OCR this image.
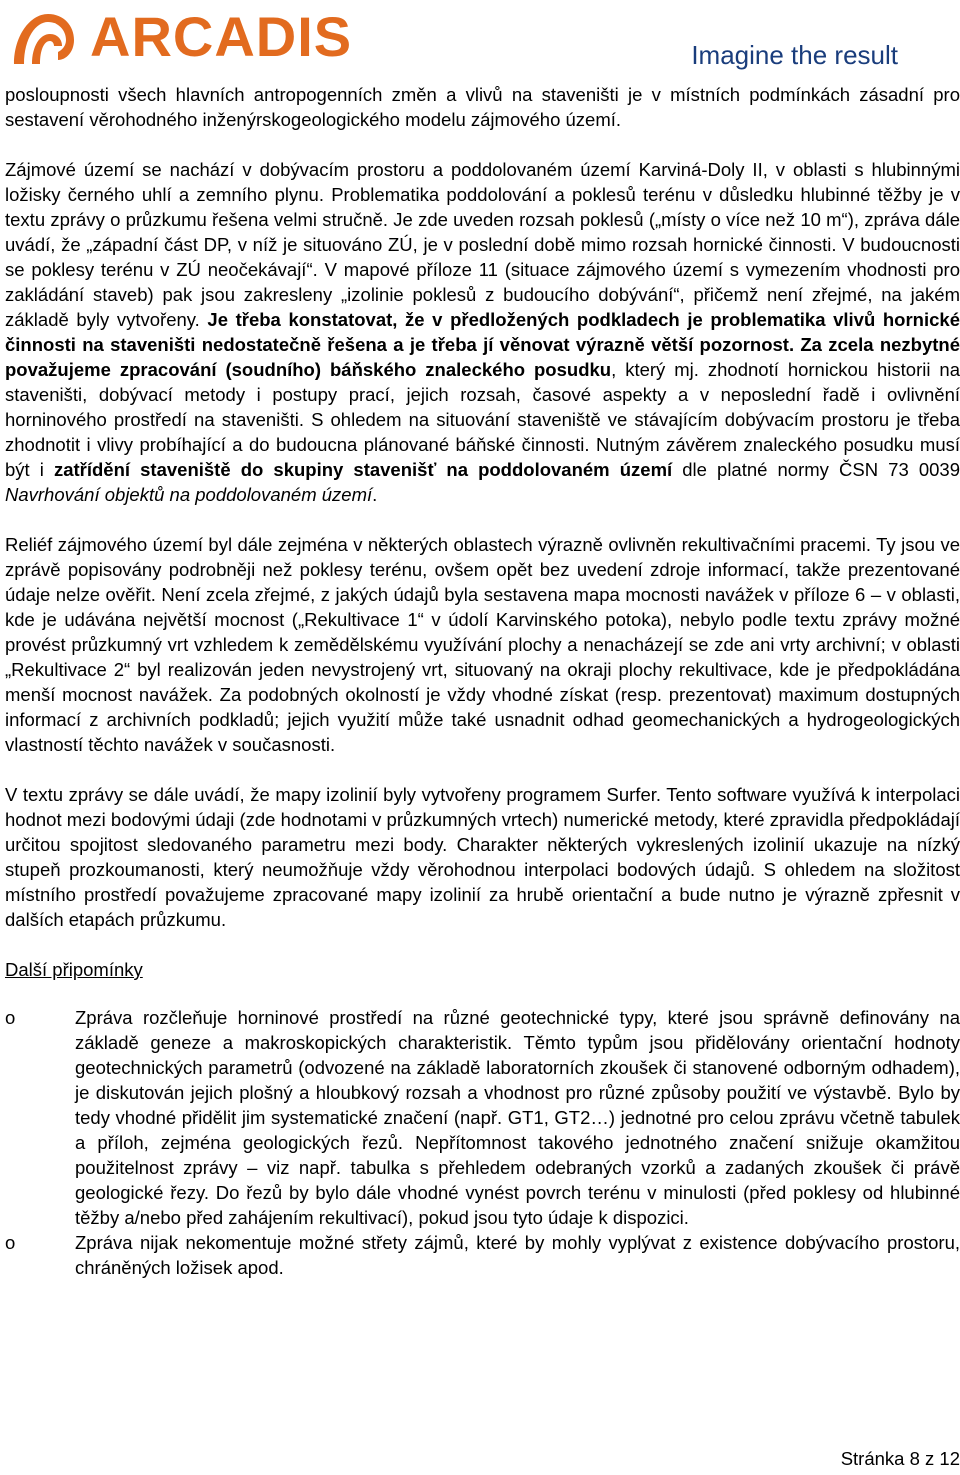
ARCADIS	Imagine the result

posloupnosti všech hlavních antropogenních změn a vlivů na staveništi je v místních podmínkách zásadní pro sestavení věrohodného inženýrskogeologického modelu zájmového území.

Zájmové území se nachází v dobývacím prostoru a poddolovaném území Karviná-Doly II, v oblasti s hlubinnými ložisky černého uhlí a zemního plynu. Problematika poddolování a poklesů terénu v důsledku hlubinné těžby je v textu zprávy o průzkumu řešena velmi stručně. Je zde uveden rozsah poklesů („místy o více než 10 m“), zpráva dále uvádí, že „západní část DP, v níž je situováno ZÚ, je v poslední době mimo rozsah hornické činnosti. V budoucnosti se poklesy terénu v ZÚ neočekávají“. V mapové příloze 11 (situace zájmového území s vymezením vhodnosti pro zakládání staveb) pak jsou zakresleny „izolinie poklesů z budoucího dobývání“, přičemž není zřejmé, na jakém základě byly vytvořeny. Je třeba konstatovat, že v předložených podkladech je problematika vlivů hornické činnosti na staveništi nedostatečně řešena a je třeba jí věnovat výrazně větší pozornost. Za zcela nezbytné považujeme zpracování (soudního) báňského znaleckého posudku, který mj. zhodnotí hornickou historii na staveništi, dobývací metody i postupy prací, jejich rozsah, časové aspekty a v neposlední řadě i ovlivnění horninového prostředí na staveništi. S ohledem na situování staveniště ve stávajícím dobývacím prostoru je třeba zhodnotit i vlivy probíhající a do budoucna plánované báňské činnosti. Nutným závěrem znaleckého posudku musí být i zatřídění staveniště do skupiny stavenišť na poddolovaném území dle platné normy ČSN 73 0039 Navrhování objektů na poddolovaném území.

Reliéf zájmového území byl dále zejména v některých oblastech výrazně ovlivněn rekultivačními pracemi. Ty jsou ve zprávě popisovány podrobněji než poklesy terénu, ovšem opět bez uvedení zdroje informací, takže prezentované údaje nelze ověřit. Není zcela zřejmé, z jakých údajů byla sestavena mapa mocnosti navážek v příloze 6 – v oblasti, kde je udávána největší mocnost („Rekultivace 1“ v údolí Karvinského potoka), nebylo podle textu zprávy možné provést průzkumný vrt vzhledem k zemědělskému využívání plochy a nenacházejí se zde ani vrty archivní; v oblasti „Rekultivace 2“ byl realizován jeden nevystrojený vrt, situovaný na okraji plochy rekultivace, kde je předpokládána menší mocnost navážek. Za podobných okolností je vždy vhodné získat (resp. prezentovat) maximum dostupných informací z archivních podkladů; jejich využití může také usnadnit odhad geomechanických a hydrogeologických vlastností těchto navážek v současnosti.

V textu zprávy se dále uvádí, že mapy izolinií byly vytvořeny programem Surfer. Tento software využívá k interpolaci hodnot mezi bodovými údaji (zde hodnotami v průzkumných vrtech) numerické metody, které zpravidla předpokládají určitou spojitost sledovaného parametru mezi body. Charakter některých vykreslených izolinií ukazuje na nízký stupeň prozkoumanosti, který neumožňuje vždy věrohodnou interpolaci bodových údajů. S ohledem na složitost místního prostředí považujeme zpracované mapy izolinií za hrubě orientační a bude nutno je výrazně zpřesnit v dalších etapách průzkumu.

Další připomínky
o	Zpráva rozčleňuje horninové prostředí na různé geotechnické typy, které jsou správně definovány na základě geneze a makroskopických charakteristik. Těmto typům jsou přidělovány orientační hodnoty geotechnických parametrů (odvozené na základě laboratorních zkoušek či stanovené odborným odhadem), je diskutován jejich plošný a hloubkový rozsah a vhodnost pro různé způsoby použití ve výstavbě. Bylo by tedy vhodné přidělit jim systematické značení (např. GT1, GT2…) jednotné pro celou zprávu včetně tabulek a příloh, zejména geologických řezů. Nepřítomnost takového jednotného značení snižuje okamžitou použitelnost zprávy – viz např. tabulka s přehledem odebraných vzorků a zadaných zkoušek či právě geologické řezy. Do řezů by bylo dále vhodné vynést povrch terénu v minulosti (před poklesy od hlubinné těžby a/nebo před zahájením rekultivací), pokud jsou tyto údaje k dispozici.
o	Zpráva nijak nekomentuje možné střety zájmů, které by mohly vyplývat z existence dobývacího prostoru, chráněných ložisek apod.
Stránka 8 z 12
